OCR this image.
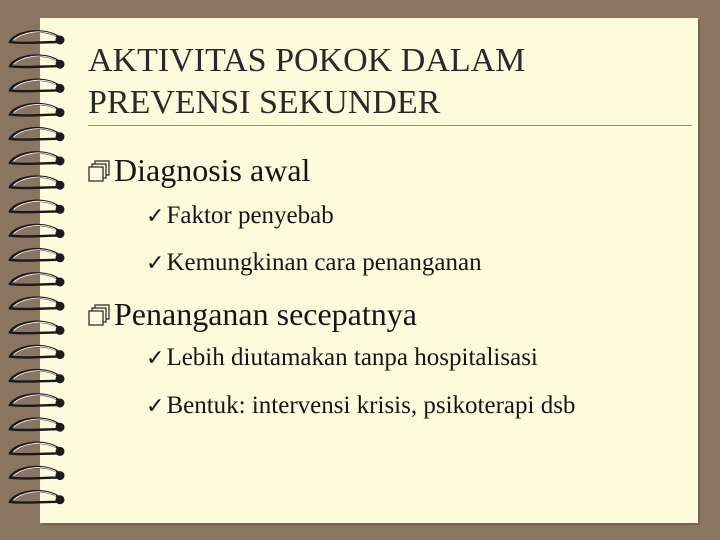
AKTIVITAS POKOK DALAM
PREVENSI SEKUNDER
Diagnosis awal
✓ Faktor penyebab
✓ Kemungkinan cara penanganan
Penanganan secepatnya
✓ Lebih diutamakan tanpa hospitalisasi
✓ Bentuk: intervensi krisis, psikoterapi dsb
